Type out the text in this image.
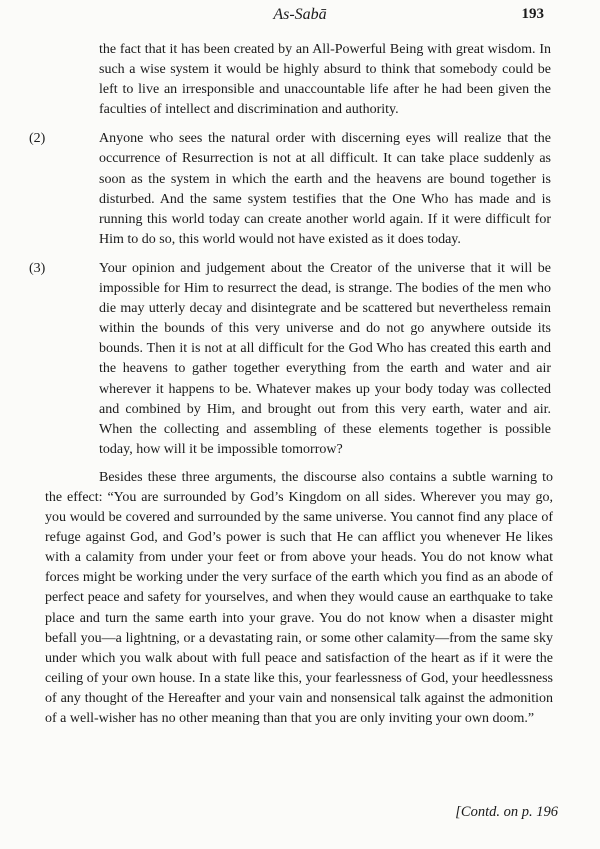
As-Sabā	193

the fact that it has been created by an All-Powerful Being with great wisdom. In such a wise system it would be highly absurd to think that somebody could be left to live an irresponsible and unaccountable life after he had been given the faculties of intellect and discrimination and authority.

(2)	Anyone who sees the natural order with discerning eyes will realize that the occurrence of Resurrection is not at all difficult. It can take place suddenly as soon as the system in which the earth and the heavens are bound together is disturbed. And the same system testifies that the One Who has made and is running this world today can create another world again. If it were difficult for Him to do so, this world would not have existed as it does today.
(3)	Your opinion and judgement about the Creator of the universe that it will be impossible for Him to resurrect the dead, is strange. The bodies of the men who die may utterly decay and disintegrate and be scattered but nevertheless remain within the bounds of this very universe and do not go anywhere outside its bounds. Then it is not at all difficult for the God Who has created this earth and the heavens to gather together everything from the earth and water and air wherever it happens to be. Whatever makes up your body today was collected and combined by Him, and brought out from this very earth, water and air. When the collecting and assembling of these elements together is possible today, how will it be impossible tomorrow?

Besides these three arguments, the discourse also contains a subtle warning to the effect: “You are surrounded by God’s Kingdom on all sides. Wherever you may go, you would be covered and surrounded by the same universe. You cannot find any place of refuge against God, and God’s power is such that He can afflict you whenever He likes with a calamity from under your feet or from above your heads. You do not know what forces might be working under the very surface of the earth which you find as an abode of perfect peace and safety for yourselves, and when they would cause an earthquake to take place and turn the same earth into your grave. You do not know when a disaster might befall you—a lightning, or a devastating rain, or some other calamity—from the same sky under which you walk about with full peace and satisfaction of the heart as if it were the ceiling of your own house. In a state like this, your fearlessness of God, your heedlessness of any thought of the Hereafter and your vain and nonsensical talk against the admonition of a well-wisher has no other meaning than that you are only inviting your own doom.”

[Contd. on p. 196
